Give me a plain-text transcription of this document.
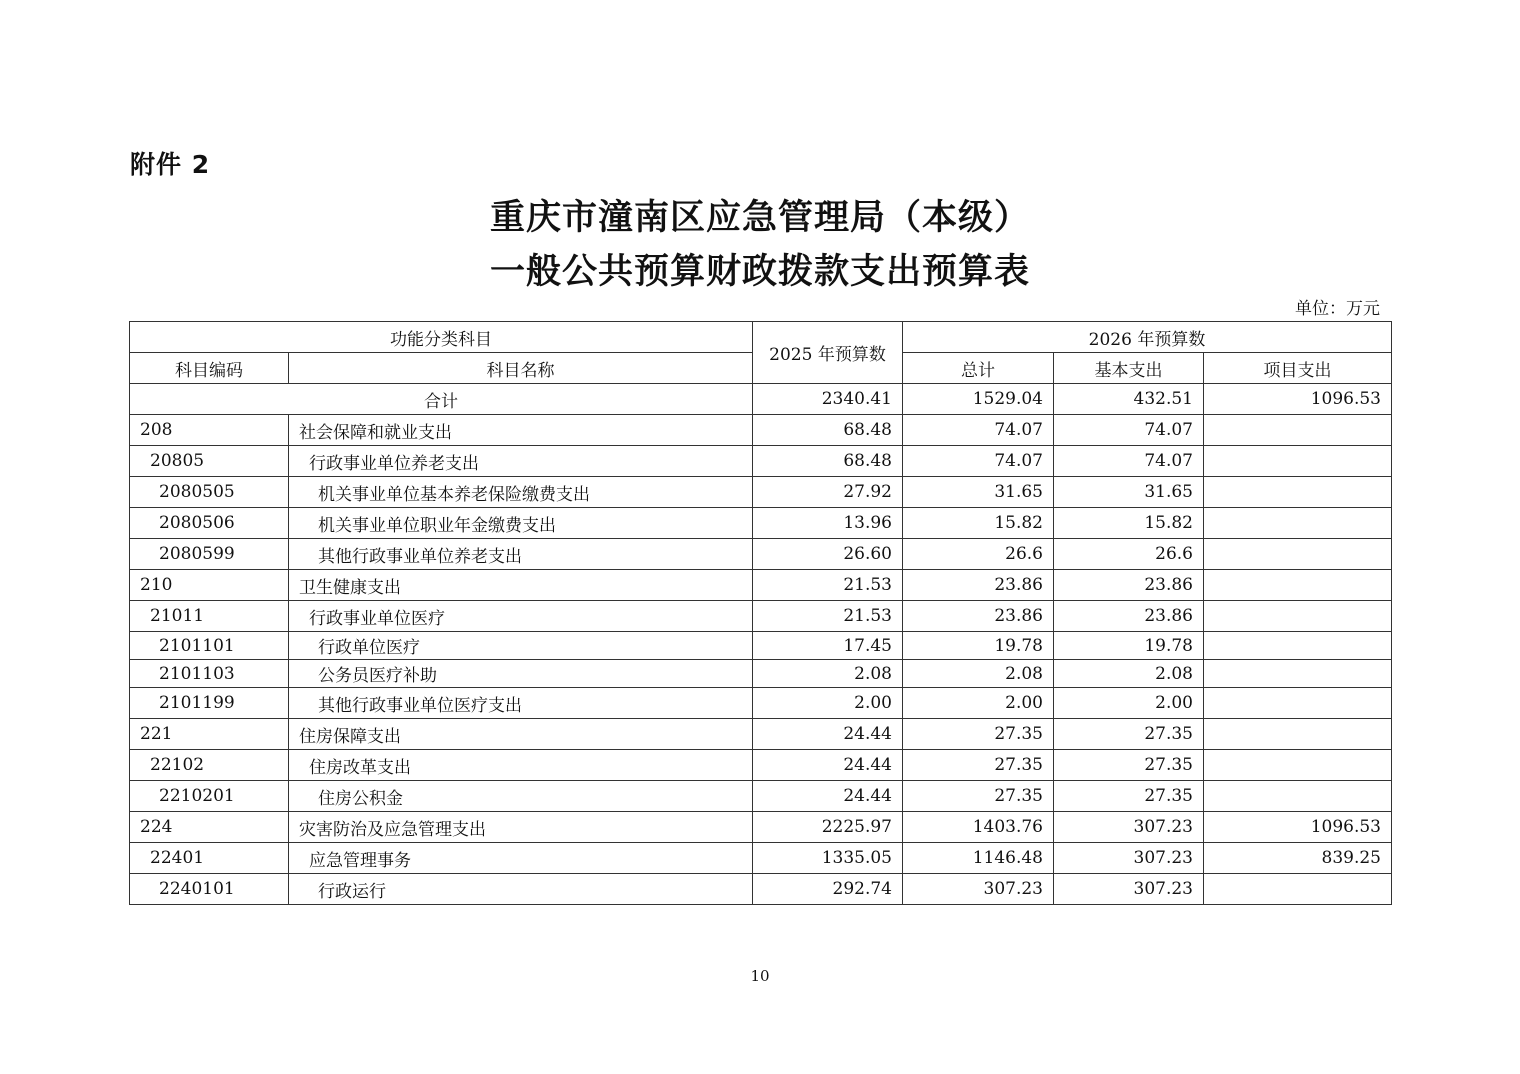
附件 2
重庆市潼南区应急管理局（本级）
一般公共预算财政拨款支出预算表
单位：万元
功能分类科目		2025 年预算数	2026 年预算数		
科目编码	科目名称		总计	基本支出	项目支出
合计		2340.41	1529.04	432.51	1096.53
208	社会保障和就业支出	68.48	74.07	74.07	
20805	行政事业单位养老支出	68.48	74.07	74.07	
2080505	机关事业单位基本养老保险缴费支出	27.92	31.65	31.65	
2080506	机关事业单位职业年金缴费支出	13.96	15.82	15.82	
2080599	其他行政事业单位养老支出	26.60	26.6	26.6	
210	卫生健康支出	21.53	23.86	23.86	
21011	行政事业单位医疗	21.53	23.86	23.86	
2101101	行政单位医疗	17.45	19.78	19.78	
2101103	公务员医疗补助	2.08	2.08	2.08	
2101199	其他行政事业单位医疗支出	2.00	2.00	2.00	
221	住房保障支出	24.44	27.35	27.35	
22102	住房改革支出	24.44	27.35	27.35	
2210201	住房公积金	24.44	27.35	27.35	
224	灾害防治及应急管理支出	2225.97	1403.76	307.23	1096.53
22401	应急管理事务	1335.05	1146.48	307.23	839.25
2240101	行政运行	292.74	307.23	307.23	
10
